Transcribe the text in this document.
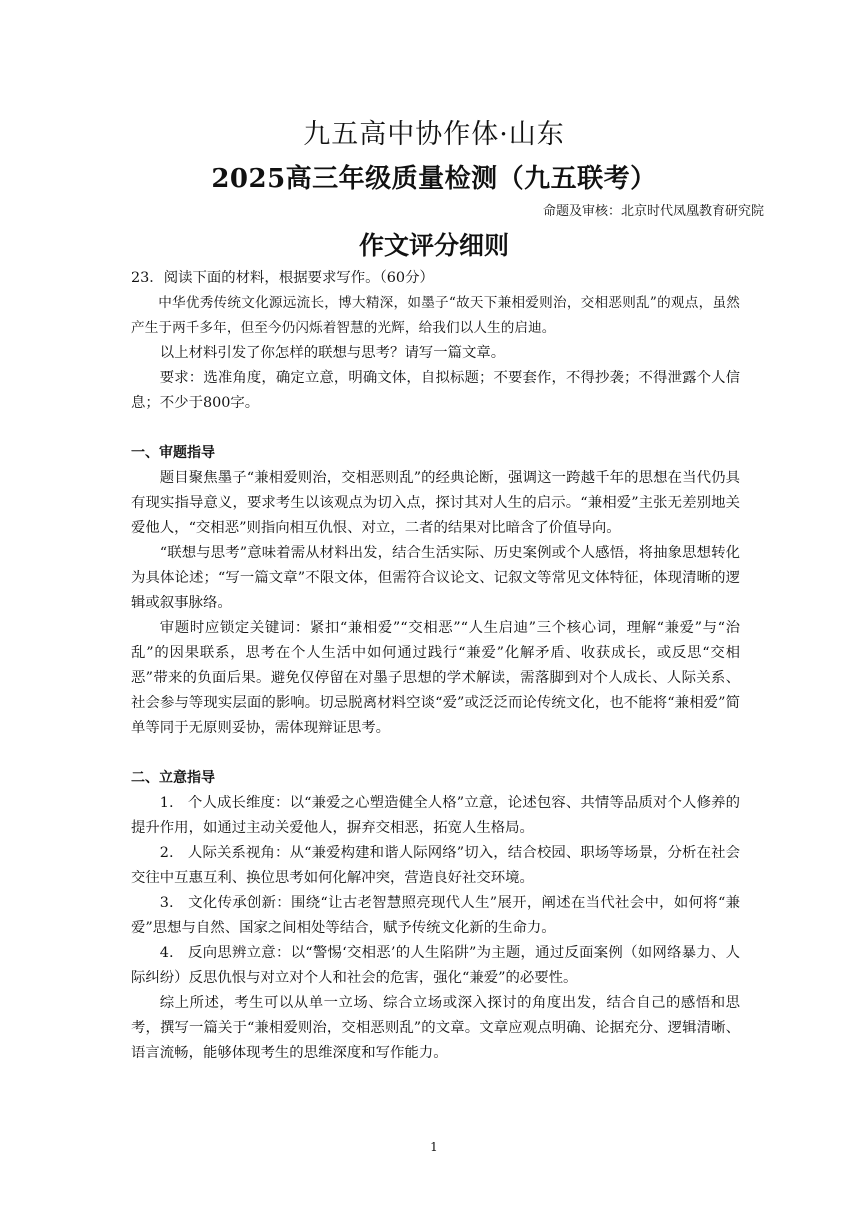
九五高中协作体·山东
2025高三年级质量检测（九五联考）
命题及审核：北京时代凤凰教育研究院
作文评分细则

23．阅读下面的材料，根据要求写作。（60分）

中华优秀传统文化源远流长，博大精深，如墨子“故天下兼相爱则治，交相恶则乱”的观点，虽然产生于两千多年，但至今仍闪烁着智慧的光辉，给我们以人生的启迪。

以上材料引发了你怎样的联想与思考？请写一篇文章。

要求：选准角度，确定立意，明确文体，自拟标题；不要套作，不得抄袭；不得泄露个人信息；不少于800字。

一、审题指导

题目聚焦墨子“兼相爱则治，交相恶则乱”的经典论断，强调这一跨越千年的思想在当代仍具有现实指导意义，要求考生以该观点为切入点，探讨其对人生的启示。“兼相爱”主张无差别地关爱他人，“交相恶”则指向相互仇恨、对立，二者的结果对比暗含了价值导向。

“联想与思考”意味着需从材料出发，结合生活实际、历史案例或个人感悟，将抽象思想转化为具体论述；“写一篇文章”不限文体，但需符合议论文、记叙文等常见文体特征，体现清晰的逻辑或叙事脉络。

审题时应锁定关键词：紧扣“兼相爱”“交相恶”“人生启迪”三个核心词，理解“兼爱”与“治乱”的因果联系，思考在个人生活中如何通过践行“兼爱”化解矛盾、收获成长，或反思“交相恶”带来的负面后果。避免仅停留在对墨子思想的学术解读，需落脚到对个人成长、人际关系、社会参与等现实层面的影响。切忌脱离材料空谈“爱”或泛泛而论传统文化，也不能将“兼相爱”简单等同于无原则妥协，需体现辩证思考。

二、立意指导

1. 个人成长维度：以“兼爱之心塑造健全人格”立意，论述包容、共情等品质对个人修养的提升作用，如通过主动关爱他人，摒弃交相恶，拓宽人生格局。

2. 人际关系视角：从“兼爱构建和谐人际网络”切入，结合校园、职场等场景，分析在社会交往中互惠互利、换位思考如何化解冲突，营造良好社交环境。

3. 文化传承创新：围绕“让古老智慧照亮现代人生”展开，阐述在当代社会中，如何将“兼爱”思想与自然、国家之间相处等结合，赋予传统文化新的生命力。

4. 反向思辨立意：以“警惕‘交相恶’的人生陷阱”为主题，通过反面案例（如网络暴力、人际纠纷）反思仇恨与对立对个人和社会的危害，强化“兼爱”的必要性。

综上所述，考生可以从单一立场、综合立场或深入探讨的角度出发，结合自己的感悟和思考，撰写一篇关于“兼相爱则治，交相恶则乱”的文章。文章应观点明确、论据充分、逻辑清晰、语言流畅，能够体现考生的思维深度和写作能力。

1
